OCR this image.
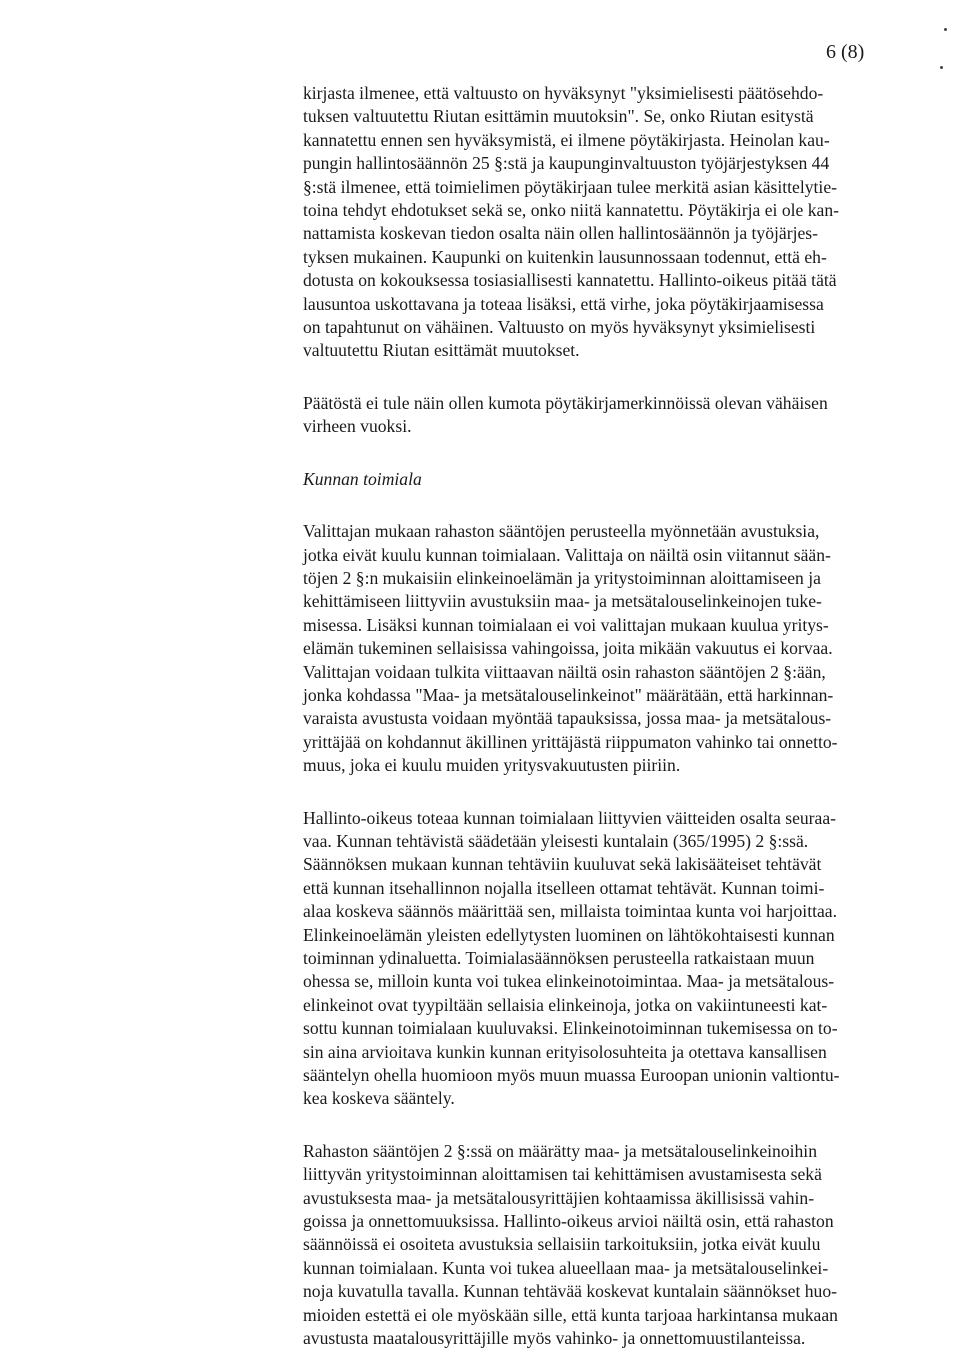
6 (8)

kirjasta ilmenee, että valtuusto on hyväksynyt "yksimielisesti päätösehdo-
tuksen valtuutettu Riutan esittämin muutoksin". Se, onko Riutan esitystä
kannatettu ennen sen hyväksymistä, ei ilmene pöytäkirjasta. Heinolan kau-
pungin hallintosäännön 25 §:stä ja kaupunginvaltuuston työjärjestyksen 44
§:stä ilmenee, että toimielimen pöytäkirjaan tulee merkitä asian käsittelytie-
toina tehdyt ehdotukset sekä se, onko niitä kannatettu. Pöytäkirja ei ole kan-
nattamista koskevan tiedon osalta näin ollen hallintosäännön ja työjärjes-
tyksen mukainen. Kaupunki on kuitenkin lausunnossaan todennut, että eh-
dotusta on kokouksessa tosiasiallisesti kannatettu. Hallinto-oikeus pitää tätä
lausuntoa uskottavana ja toteaa lisäksi, että virhe, joka pöytäkirjaamisessa
on tapahtunut on vähäinen. Valtuusto on myös hyväksynyt yksimielisesti
valtuutettu Riutan esittämät muutokset.

Päätöstä ei tule näin ollen kumota pöytäkirjamerkinnöissä olevan vähäisen
virheen vuoksi.

Kunnan toimiala

Valittajan mukaan rahaston sääntöjen perusteella myönnetään avustuksia,
jotka eivät kuulu kunnan toimialaan. Valittaja on näiltä osin viitannut sään-
töjen 2 §:n mukaisiin elinkeinoelämän ja yritystoiminnan aloittamiseen ja
kehittämiseen liittyviin avustuksiin maa- ja metsätalouselinkeinojen tuke-
misessa. Lisäksi kunnan toimialaan ei voi valittajan mukaan kuulua yritys-
elämän tukeminen sellaisissa vahingoissa, joita mikään vakuutus ei korvaa.
Valittajan voidaan tulkita viittaavan näiltä osin rahaston sääntöjen 2 §:ään,
jonka kohdassa "Maa- ja metsätalouselinkeinot" määrätään, että harkinnan-
varaista avustusta voidaan myöntää tapauksissa, jossa maa- ja metsätalous-
yrittäjää on kohdannut äkillinen yrittäjästä riippumaton vahinko tai onnetto-
muus, joka ei kuulu muiden yritysvakuutusten piiriin.

Hallinto-oikeus toteaa kunnan toimialaan liittyvien väitteiden osalta seuraa-
vaa. Kunnan tehtävistä säädetään yleisesti kuntalain (365/1995) 2 §:ssä.
Säännöksen mukaan kunnan tehtäviin kuuluvat sekä lakisääteiset tehtävät
että kunnan itsehallinnon nojalla itselleen ottamat tehtävät. Kunnan toimi-
alaa koskeva säännös määrittää sen, millaista toimintaa kunta voi harjoittaa.
Elinkeinoelämän yleisten edellytysten luominen on lähtökohtaisesti kunnan
toiminnan ydinaluetta. Toimialasäännöksen perusteella ratkaistaan muun
ohessa se, milloin kunta voi tukea elinkeinotoimintaa. Maa- ja metsätalous-
elinkeinot ovat tyypiltään sellaisia elinkeinoja, jotka on vakiintuneesti kat-
sottu kunnan toimialaan kuuluvaksi. Elinkeinotoiminnan tukemisessa on to-
sin aina arvioitava kunkin kunnan erityisolosuhteita ja otettava kansallisen
sääntelyn ohella huomioon myös muun muassa Euroopan unionin valtiontu-
kea koskeva sääntely.

Rahaston sääntöjen 2 §:ssä on määrätty maa- ja metsätalouselinkeinoihin
liittyvän yritystoiminnan aloittamisen tai kehittämisen avustamisesta sekä
avustuksesta maa- ja metsätalousyrittäjien kohtaamissa äkillisissä vahin-
goissa ja onnettomuuksissa. Hallinto-oikeus arvioi näiltä osin, että rahaston
säännöissä ei osoiteta avustuksia sellaisiin tarkoituksiin, jotka eivät kuulu
kunnan toimialaan. Kunta voi tukea alueellaan maa- ja metsätalouselinkei-
noja kuvatulla tavalla. Kunnan tehtävää koskevat kuntalain säännökset huo-
mioiden estettä ei ole myöskään sille, että kunta tarjoaa harkintansa mukaan
avustusta maatalousyrittäjille myös vahinko- ja onnettomuustilanteissa.
